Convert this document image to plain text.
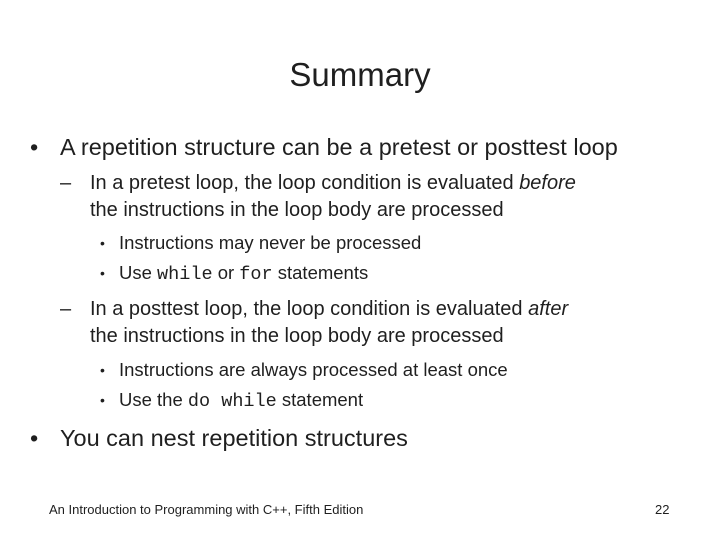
Summary
• A repetition structure can be a pretest or posttest loop
– In a pretest loop, the loop condition is evaluated before
the instructions in the loop body are processed
• Instructions may never be processed
• Use while or for statements
– In a posttest loop, the loop condition is evaluated after
the instructions in the loop body are processed
• Instructions are always processed at least once
• Use the do while statement
• You can nest repetition structures
An Introduction to Programming with C++, Fifth Edition	22
